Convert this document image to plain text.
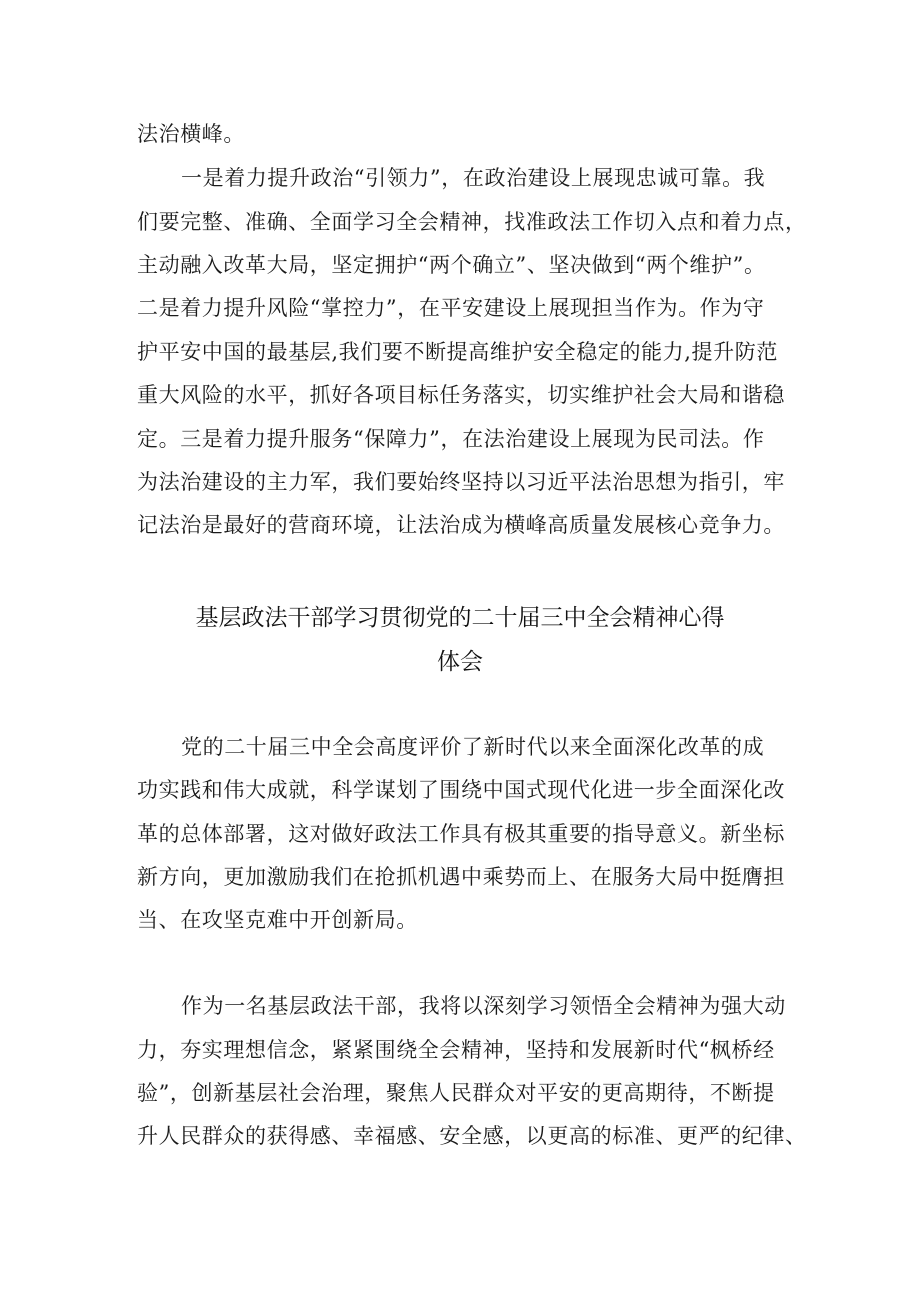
法治横峰。
一是着力提升政治“引领力”，在政治建设上展现忠诚可靠。我
们要完整、准确、全面学习全会精神，找准政法工作切入点和着力点，
主动融入改革大局，坚定拥护“两个确立”、坚决做到“两个维护”。
二是着力提升风险“掌控力”，在平安建设上展现担当作为。作为守
护平安中国的最基层,我们要不断提高维护安全稳定的能力,提升防范
重大风险的水平，抓好各项目标任务落实，切实维护社会大局和谐稳
定。三是着力提升服务“保障力”，在法治建设上展现为民司法。作
为法治建设的主力军，我们要始终坚持以习近平法治思想为指引，牢
记法治是最好的营商环境，让法治成为横峰高质量发展核心竞争力。
基层政法干部学习贯彻党的二十届三中全会精神心得
体会
党的二十届三中全会高度评价了新时代以来全面深化改革的成
功实践和伟大成就，科学谋划了围绕中国式现代化进一步全面深化改
革的总体部署，这对做好政法工作具有极其重要的指导意义。新坐标
新方向，更加激励我们在抢抓机遇中乘势而上、在服务大局中挺膺担
当、在攻坚克难中开创新局。
作为一名基层政法干部，我将以深刻学习领悟全会精神为强大动
力，夯实理想信念，紧紧围绕全会精神，坚持和发展新时代“枫桥经
验”，创新基层社会治理，聚焦人民群众对平安的更高期待，不断提
升人民群众的获得感、幸福感、安全感，以更高的标准、更严的纪律、
